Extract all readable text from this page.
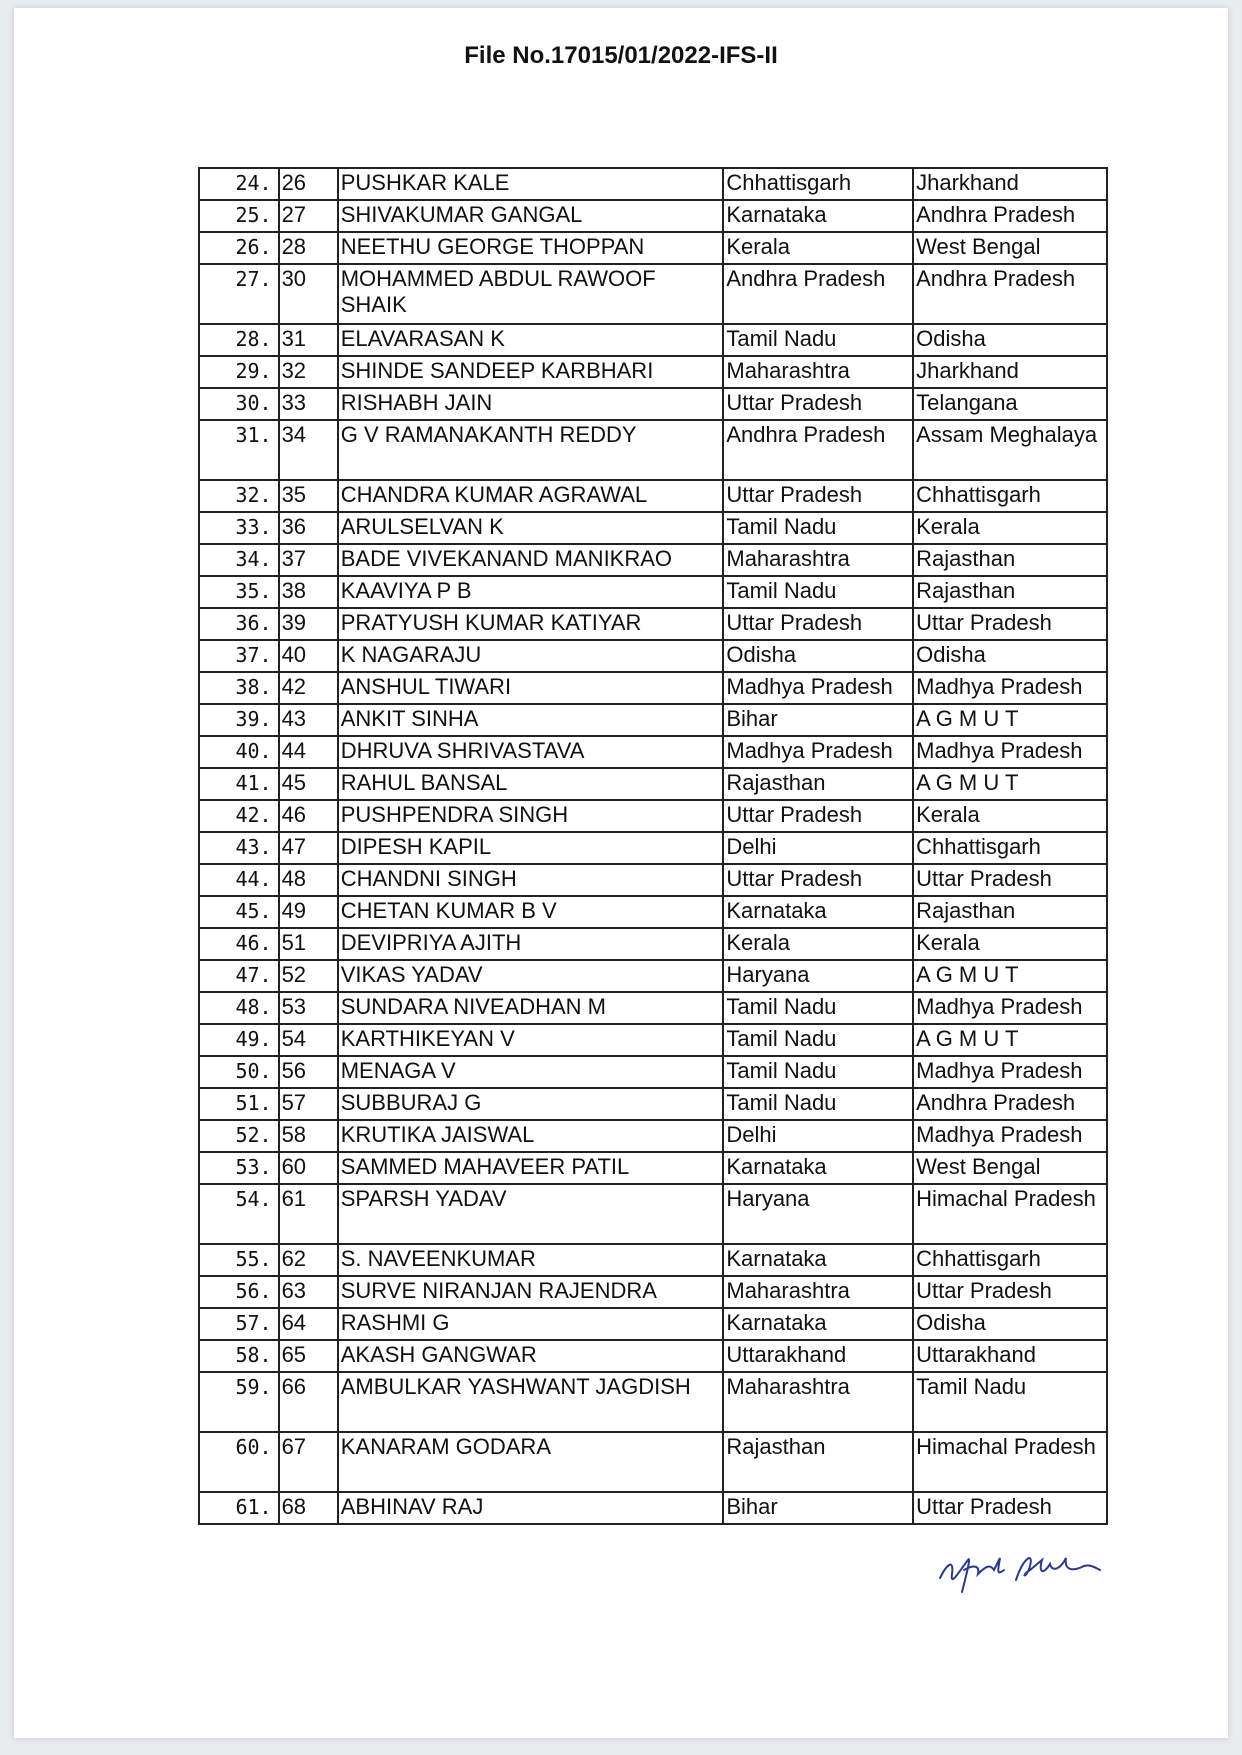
File No.17015/01/2022-IFS-II
24.	26	PUSHKAR KALE	Chhattisgarh	Jharkhand
25.	27	SHIVAKUMAR GANGAL	Karnataka	Andhra Pradesh
26.	28	NEETHU GEORGE THOPPAN	Kerala	West Bengal
27.	30	MOHAMMED ABDUL RAWOOF SHAIK	Andhra Pradesh	Andhra Pradesh
28.	31	ELAVARASAN K	Tamil Nadu	Odisha
29.	32	SHINDE SANDEEP KARBHARI	Maharashtra	Jharkhand
30.	33	RISHABH JAIN	Uttar Pradesh	Telangana
31.	34	G V RAMANAKANTH REDDY	Andhra Pradesh	Assam Meghalaya
32.	35	CHANDRA KUMAR AGRAWAL	Uttar Pradesh	Chhattisgarh
33.	36	ARULSELVAN K	Tamil Nadu	Kerala
34.	37	BADE VIVEKANAND MANIKRAO	Maharashtra	Rajasthan
35.	38	KAAVIYA P B	Tamil Nadu	Rajasthan
36.	39	PRATYUSH KUMAR KATIYAR	Uttar Pradesh	Uttar Pradesh
37.	40	K NAGARAJU	Odisha	Odisha
38.	42	ANSHUL TIWARI	Madhya Pradesh	Madhya Pradesh
39.	43	ANKIT SINHA	Bihar	A G M U T
40.	44	DHRUVA SHRIVASTAVA	Madhya Pradesh	Madhya Pradesh
41.	45	RAHUL BANSAL	Rajasthan	A G M U T
42.	46	PUSHPENDRA SINGH	Uttar Pradesh	Kerala
43.	47	DIPESH KAPIL	Delhi	Chhattisgarh
44.	48	CHANDNI SINGH	Uttar Pradesh	Uttar Pradesh
45.	49	CHETAN KUMAR B V	Karnataka	Rajasthan
46.	51	DEVIPRIYA AJITH	Kerala	Kerala
47.	52	VIKAS YADAV	Haryana	A G M U T
48.	53	SUNDARA NIVEADHAN M	Tamil Nadu	Madhya Pradesh
49.	54	KARTHIKEYAN V	Tamil Nadu	A G M U T
50.	56	MENAGA V	Tamil Nadu	Madhya Pradesh
51.	57	SUBBURAJ G	Tamil Nadu	Andhra Pradesh
52.	58	KRUTIKA JAISWAL	Delhi	Madhya Pradesh
53.	60	SAMMED MAHAVEER PATIL	Karnataka	West Bengal
54.	61	SPARSH YADAV	Haryana	Himachal Pradesh
55.	62	S. NAVEENKUMAR	Karnataka	Chhattisgarh
56.	63	SURVE NIRANJAN RAJENDRA	Maharashtra	Uttar Pradesh
57.	64	RASHMI G	Karnataka	Odisha
58.	65	AKASH GANGWAR	Uttarakhand	Uttarakhand
59.	66	AMBULKAR YASHWANT JAGDISH	Maharashtra	Tamil Nadu
60.	67	KANARAM GODARA	Rajasthan	Himachal Pradesh
61.	68	ABHINAV RAJ	Bihar	Uttar Pradesh
